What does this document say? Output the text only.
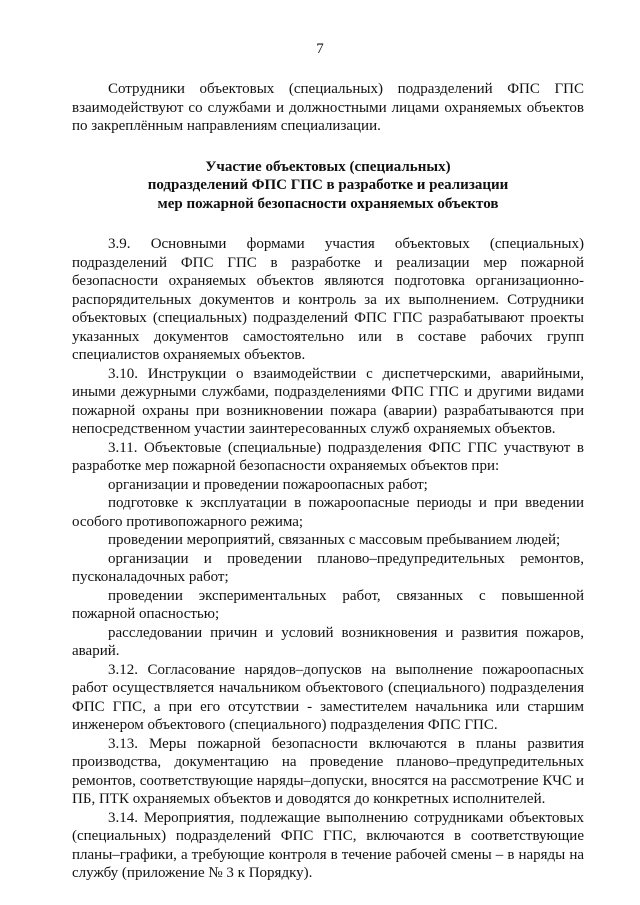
7

Сотрудники объектовых (специальных) подразделений ФПС ГПС взаимодействуют со службами и должностными лицами охраняемых объектов по закреплённым направлениям специализации.

Участие объектовых (специальных)
подразделений ФПС ГПС в разработке и реализации
мер пожарной безопасности охраняемых объектов

3.9. Основными формами участия объектовых (специальных) подразделений ФПС ГПС в разработке и реализации мер пожарной безопасности охраняемых объектов являются подготовка организационно-распорядительных документов и контроль за их выполнением. Сотрудники объектовых (специальных) подразделений ФПС ГПС разрабатывают проекты указанных документов самостоятельно или в составе рабочих групп специалистов охраняемых объектов.

3.10. Инструкции о взаимодействии с диспетчерскими, аварийными, иными дежурными службами, подразделениями ФПС ГПС и другими видами пожарной охраны при возникновении пожара (аварии) разрабатываются при непосредственном участии заинтересованных служб охраняемых объектов.

3.11. Объектовые (специальные) подразделения ФПС ГПС участвуют в разработке мер пожарной безопасности охраняемых объектов при:

организации и проведении пожароопасных работ;

подготовке к эксплуатации в пожароопасные периоды и при введении особого противопожарного режима;

проведении мероприятий, связанных с массовым пребыванием людей;

организации и проведении планово–предупредительных ремонтов, пусконаладочных работ;

проведении экспериментальных работ, связанных с повышенной пожарной опасностью;

расследовании причин и условий возникновения и развития пожаров, аварий.

3.12. Согласование нарядов–допусков на выполнение пожароопасных работ осуществляется начальником объектового (специального) подразделения ФПС ГПС, а при его отсутствии - заместителем начальника или старшим инженером объектового (специального) подразделения ФПС ГПС.

3.13. Меры пожарной безопасности включаются в планы развития производства, документацию на проведение планово–предупредительных ремонтов, соответствующие наряды–допуски, вносятся на рассмотрение КЧС и ПБ, ПТК охраняемых объектов и доводятся до конкретных исполнителей.

3.14. Мероприятия, подлежащие выполнению сотрудниками объектовых (специальных) подразделений ФПС ГПС, включаются в соответствующие планы–графики, а требующие контроля в течение рабочей смены – в наряды на службу (приложение № 3 к Порядку).
